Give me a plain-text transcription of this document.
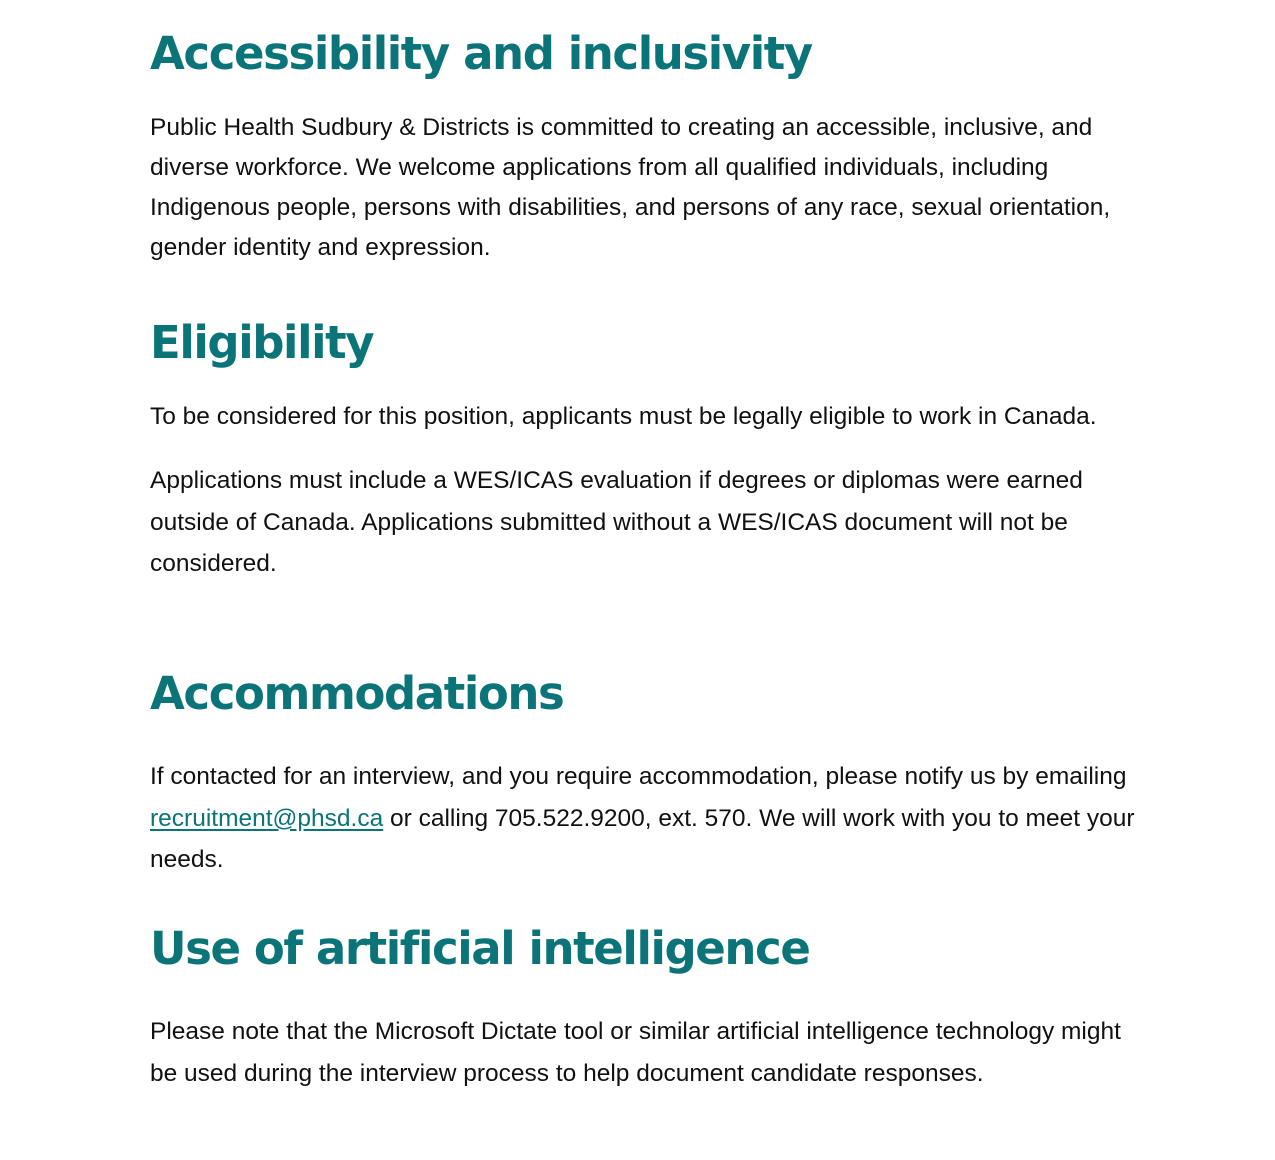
Accessibility and inclusivity

Public Health Sudbury & Districts is committed to creating an accessible, inclusive, and diverse workforce. We welcome applications from all qualified individuals, including Indigenous people, persons with disabilities, and persons of any race, sexual orientation, gender identity and expression.

Eligibility

To be considered for this position, applicants must be legally eligible to work in Canada.

Applications must include a WES/ICAS evaluation if degrees or diplomas were earned outside of Canada. Applications submitted without a WES/ICAS document will not be considered.

Accommodations

If contacted for an interview, and you require accommodation, please notify us by emailing recruitment@phsd.ca or calling 705.522.9200, ext. 570. We will work with you to meet your needs.

Use of artificial intelligence

Please note that the Microsoft Dictate tool or similar artificial intelligence technology might be used during the interview process to help document candidate responses.
